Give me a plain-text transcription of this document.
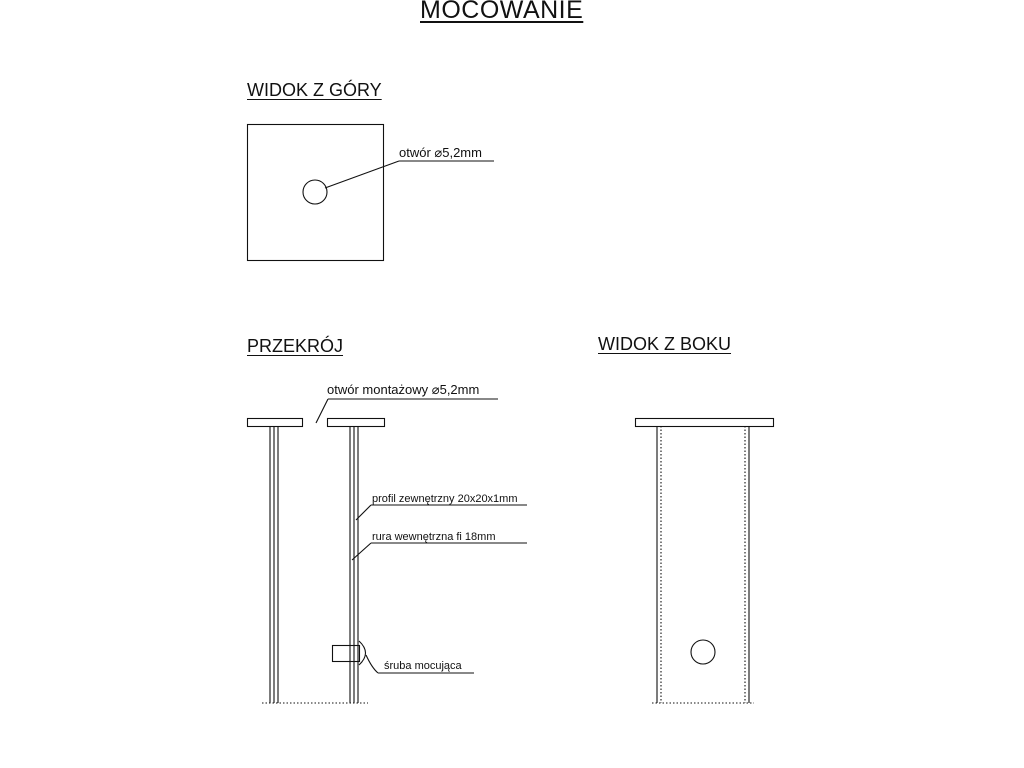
MOCOWANIE
WIDOK Z GÓRY
otwór ⌀5,2mm
PRZEKRÓJ
otwór montażowy ⌀5,2mm
profil zewnętrzny 20x20x1mm
rura wewnętrzna fi 18mm
śruba mocująca
WIDOK Z BOKU
